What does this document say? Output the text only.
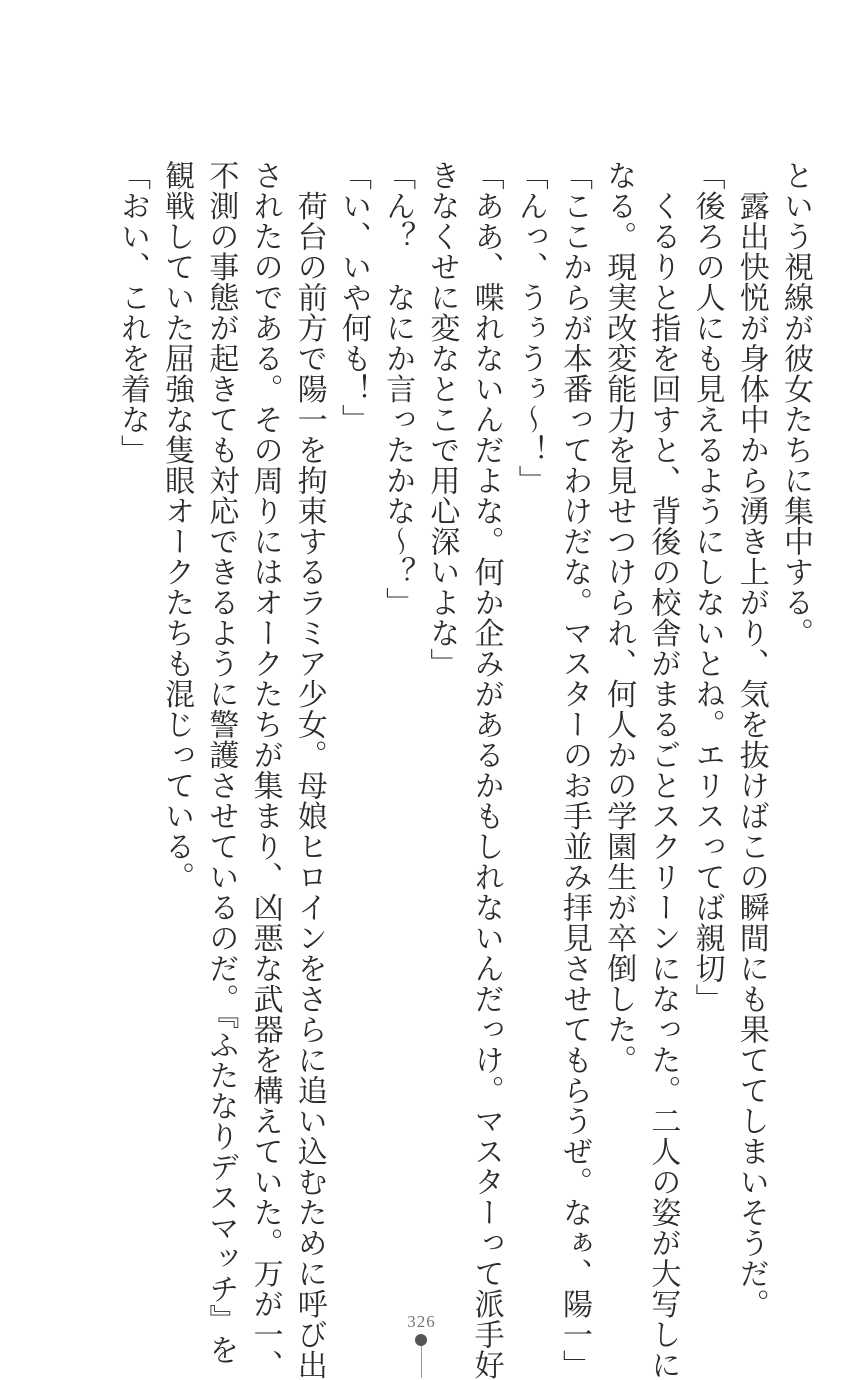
という視線が彼女たちに集中する。
　露出快悦が身体中から湧き上がり、気を抜けばこの瞬間にも果ててしまいそうだ。
「後ろの人にも見えるようにしないとね。エリスってば親切」
　くるりと指を回すと、背後の校舎がまるごとスクリーンになった。二人の姿が大写しに
なる。現実改変能力を見せつけられ、何人かの学園生が卒倒した。
「ここからが本番ってわけだな。マスターのお手並み拝見させてもらうぜ。なぁ、陽一」
「んっ、うぅうぅ～！」
「ああ、喋れないんだよな。何か企みがあるかもしれないんだっけ。マスターって派手好
きなくせに変なとこで用心深いよな」
「ん？　なにか言ったかな～？」
「い、いや何も！」
　荷台の前方で陽一を拘束するラミア少女。母娘ヒロインをさらに追い込むために呼び出
されたのである。その周りにはオークたちが集まり、凶悪な武器を構えていた。万が一、
不測の事態が起きても対応できるように警護させているのだ。『ふたなりデスマッチ』を
観戦していた屈強な隻眼オークたちも混じっている。
「おい、これを着な」
326
